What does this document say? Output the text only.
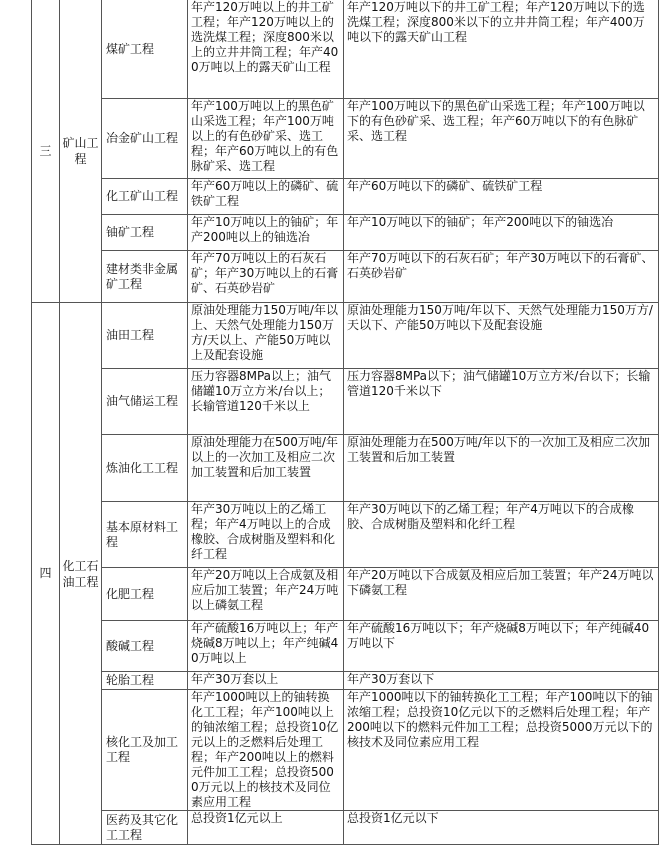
三	矿山工程	煤矿工程	年产120万吨以上的井工矿工程；年产120万吨以上的选洗煤工程；深度800米以上的立井井筒工程；年产400万吨以上的露天矿山工程	年产120万吨以下的井工矿工程；年产120万吨以下的选洗煤工程；深度800米以下的立井井筒工程；年产400万吨以下的露天矿山工程
		冶金矿山工程	年产100万吨以上的黑色矿山采选工程；年产100万吨以上的有色砂矿采、选工程；年产60万吨以上的有色脉矿采、选工程	年产100万吨以下的黑色矿山采选工程；年产100万吨以下的有色砂矿采、选工程；年产60万吨以下的有色脉矿采、选工程
		化工矿山工程	年产60万吨以上的磷矿、硫铁矿工程	年产60万吨以下的磷矿、硫铁矿工程
		铀矿工程	年产10万吨以上的铀矿；年产200吨以上的铀选冶	年产10万吨以下的铀矿；年产200吨以下的铀选冶
		建材类非金属矿工程	年产70万吨以上的石灰石矿；年产30万吨以上的石膏矿、石英砂岩矿	年产70万吨以下的石灰石矿；年产30万吨以下的石膏矿、石英砂岩矿
四	化工石油工程	油田工程	原油处理能力150万吨/年以上、天然气处理能力150万方/天以上、产能50万吨以上及配套设施	原油处理能力150万吨/年以下、天然气处理能力150万方/天以下、产能50万吨以下及配套设施
		油气储运工程	压力容器8MPa以上；油气储罐10万立方米/台以上；长输管道120千米以上	压力容器8MPa以下；油气储罐10万立方米/台以下；长输管道120千米以下
		炼油化工工程	原油处理能力在500万吨/年以上的一次加工及相应二次加工装置和后加工装置	原油处理能力在500万吨/年以下的一次加工及相应二次加工装置和后加工装置
		基本原材料工程	年产30万吨以上的乙烯工程；年产4万吨以上的合成橡胶、合成树脂及塑料和化纤工程	年产30万吨以下的乙烯工程；年产4万吨以下的合成橡胶、合成树脂及塑料和化纤工程
		化肥工程	年产20万吨以上合成氨及相应后加工装置；年产24万吨以上磷氨工程	年产20万吨以下合成氨及相应后加工装置；年产24万吨以下磷氨工程
		酸碱工程	年产硫酸16万吨以上；年产烧碱8万吨以上；年产纯碱40万吨以上	年产硫酸16万吨以下；年产烧碱8万吨以下；年产纯碱40万吨以下
		轮胎工程	年产30万套以上	年产30万套以下
		核化工及加工工程	年产1000吨以上的铀转换化工工程；年产100吨以上的铀浓缩工程；总投资10亿元以上的乏燃料后处理工程；年产200吨以上的燃料元件加工工程；总投资5000万元以上的核技术及同位素应用工程	年产1000吨以下的铀转换化工工程；年产100吨以下的铀浓缩工程；总投资10亿元以下的乏燃料后处理工程；年产200吨以下的燃料元件加工工程；总投资5000万元以下的核技术及同位素应用工程
		医药及其它化工工程	总投资1亿元以上	总投资1亿元以下
